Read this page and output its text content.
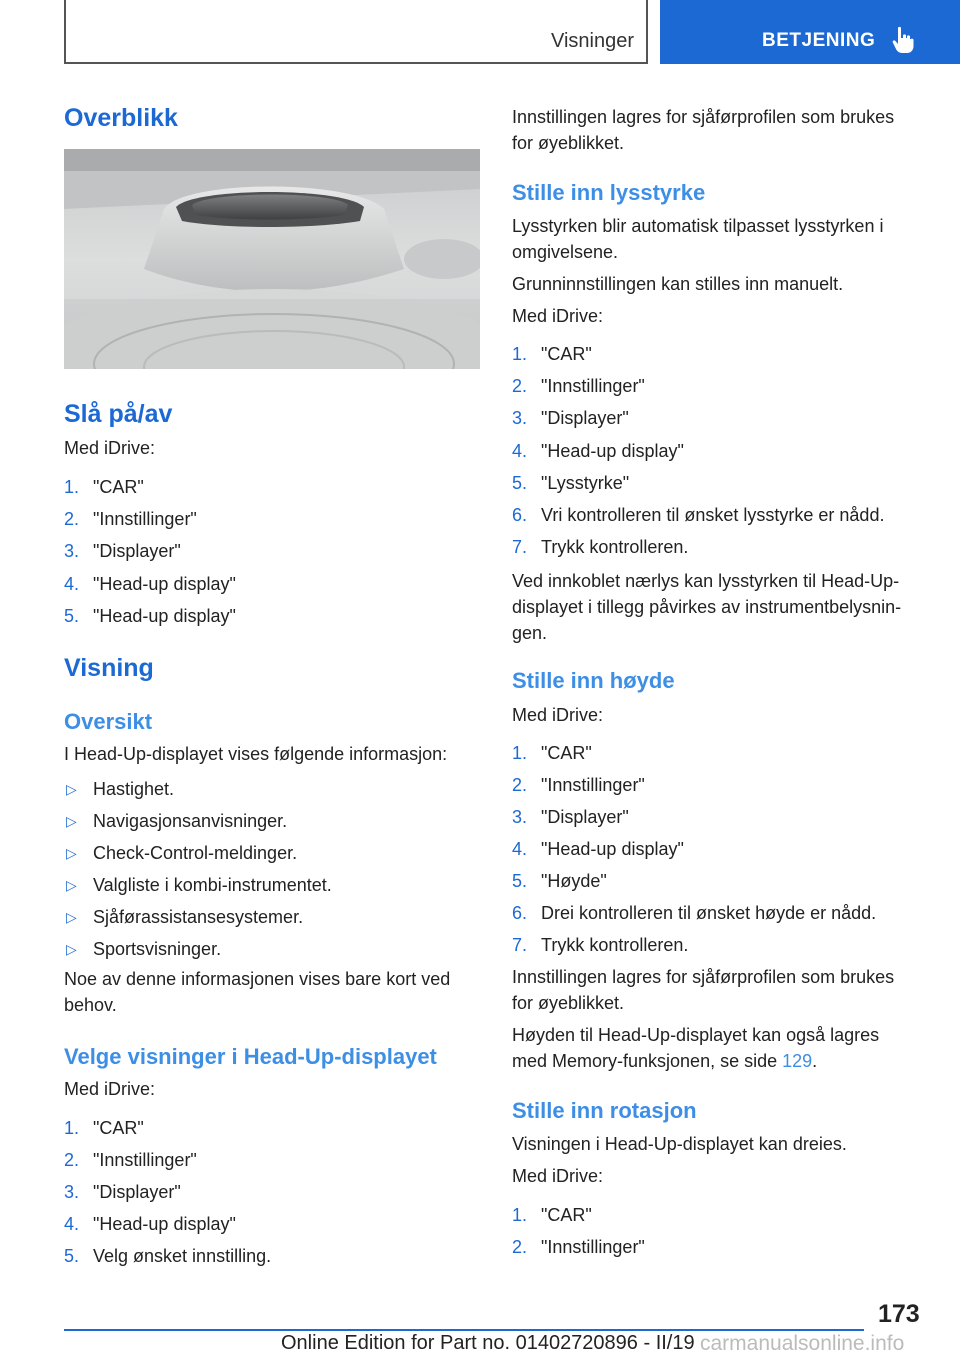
Visninger	BETJENING
Overblikk
Slå på/av
Med iDrive:
1. "CAR"
2. "Innstillinger"
3. "Displayer"
4. "Head-up display"
5. "Head-up display"
Visning
Oversikt
I Head-Up-displayet vises følgende informasjon:
▷ Hastighet.
▷ Navigasjonsanvisninger.
▷ Check-Control-meldinger.
▷ Valgliste i kombi-instrumentet.
▷ Sjåførassistansesystemer.
▷ Sportsvisninger.
Noe av denne informasjonen vises bare kort ved
behov.
Velge visninger i Head-Up-displayet
Med iDrive:
1. "CAR"
2. "Innstillinger"
3. "Displayer"
4. "Head-up display"
5. Velg ønsket innstilling.
Innstillingen lagres for sjåførprofilen som brukes
for øyeblikket.
Stille inn lysstyrke
Lysstyrken blir automatisk tilpasset lysstyrken i
omgivelsene.
Grunninnstillingen kan stilles inn manuelt.
Med iDrive:
1. "CAR"
2. "Innstillinger"
3. "Displayer"
4. "Head-up display"
5. "Lysstyrke"
6. Vri kontrolleren til ønsket lysstyrke er nådd.
7. Trykk kontrolleren.
Ved innkoblet nærlys kan lysstyrken til Head-Up-
displayet i tillegg påvirkes av instrumentbelysnin-
gen.
Stille inn høyde
Med iDrive:
1. "CAR"
2. "Innstillinger"
3. "Displayer"
4. "Head-up display"
5. "Høyde"
6. Drei kontrolleren til ønsket høyde er nådd.
7. Trykk kontrolleren.
Innstillingen lagres for sjåførprofilen som brukes
for øyeblikket.
Høyden til Head-Up-displayet kan også lagres
med Memory-funksjonen, se side 129.
Stille inn rotasjon
Visningen i Head-Up-displayet kan dreies.
Med iDrive:
1. "CAR"
2. "Innstillinger"
173
Online Edition for Part no. 01402720896 - II/19 carmanualsonline.info
